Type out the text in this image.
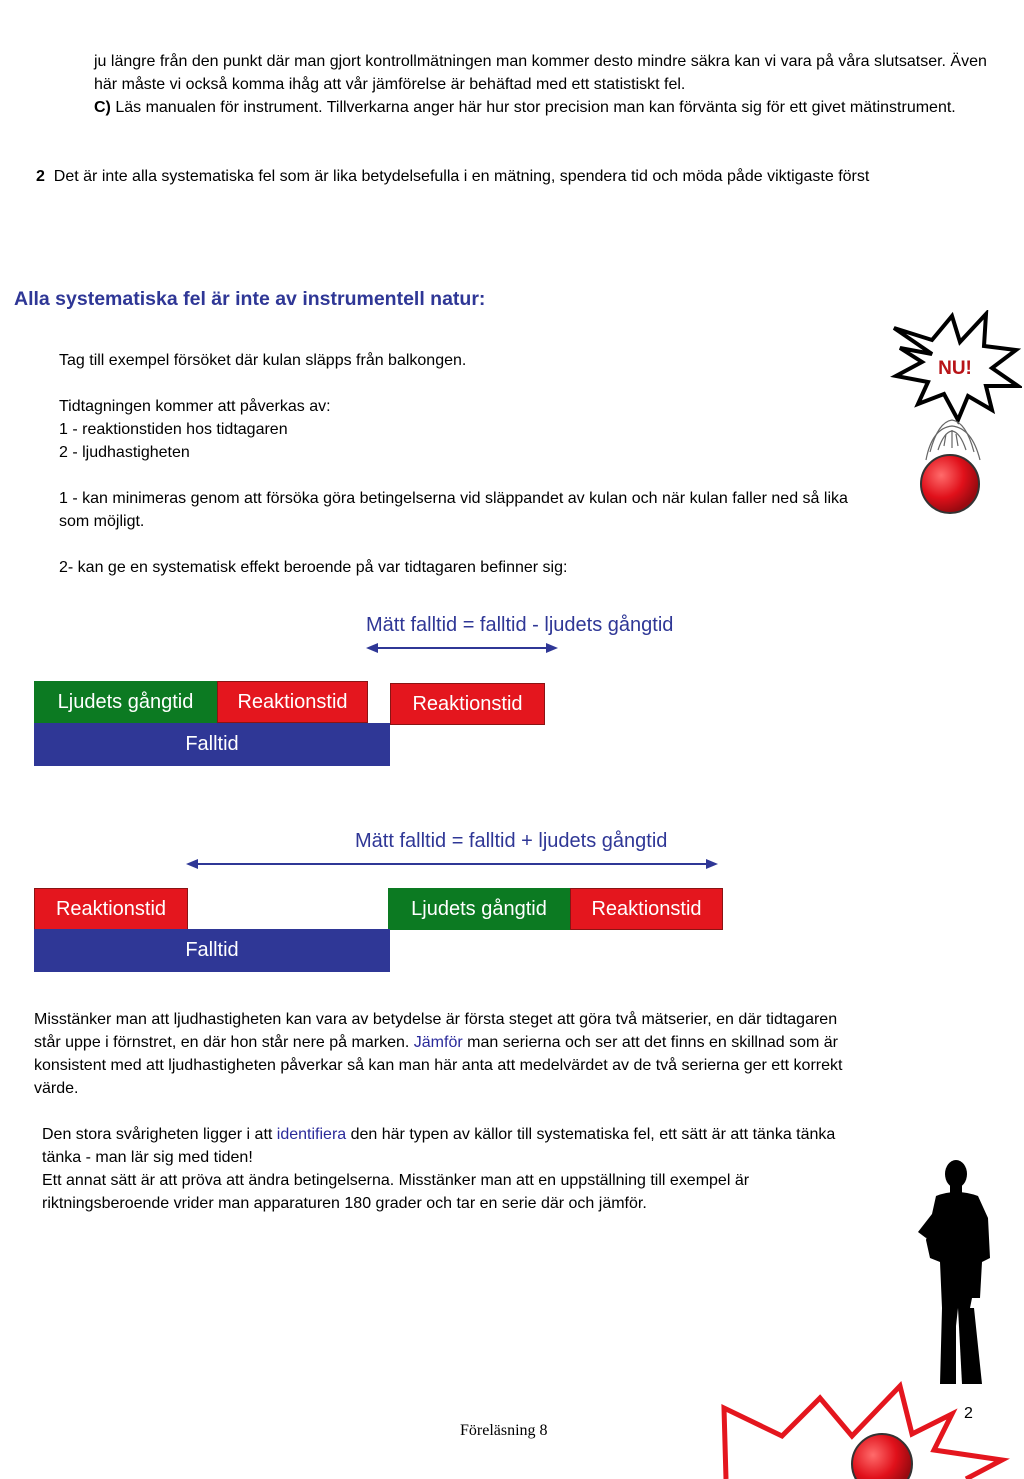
ju längre från den punkt där man gjort kontrollmätningen man kommer desto mindre säkra kan vi vara på våra slutsatser. Även här måste vi också komma ihåg att vår jämförelse är behäftad med ett statistiskt fel.

C) Läs manualen för instrument. Tillverkarna anger här hur stor precision man kan förvänta sig för ett givet mätinstrument.

2 Det är inte alla systematiska fel som är lika betydelsefulla i en mätning, spendera tid och möda påde viktigaste först
Alla systematiska fel är inte av instrumentell natur:

Tag till exempel försöket där kulan släpps från balkongen.

Tidtagningen kommer att påverkas av:

1 - reaktionstiden hos tidtagaren

2 - ljudhastigheten

1 - kan minimeras genom att försöka göra betingelserna vid släppandet av kulan och när kulan faller ned så lika som möjligt.

2- kan ge en systematisk effekt beroende på var tidtagaren befinner sig:

NU!
Mätt falltid = falltid - ljudets gångtid
Ljudets gångtid	Reaktionstid	Reaktionstid
Falltid
Mätt falltid = falltid + ljudets gångtid
Reaktionstid	Ljudets gångtid	Reaktionstid
Falltid

Misstänker man att ljudhastigheten kan vara av betydelse är första steget att göra två mätserier, en där tidtagaren står uppe i förnstret, en där hon står nere på marken. Jämför man serierna och ser att det finns en skillnad som är konsistent med att ljudhastigheten påverkar så kan man här anta att medelvärdet av de två serierna ger ett korrekt värde.

Den stora svårigheten ligger i att identifiera den här typen av källor till systematiska fel, ett sätt är att tänka tänka tänka - man lär sig med tiden!

Ett annat sätt är att pröva att ändra betingelserna. Misstänker man att en uppställning till exempel är riktningsberoende vrider man apparaturen 180 grader och tar en serie där och jämför.

2
Föreläsning 8
